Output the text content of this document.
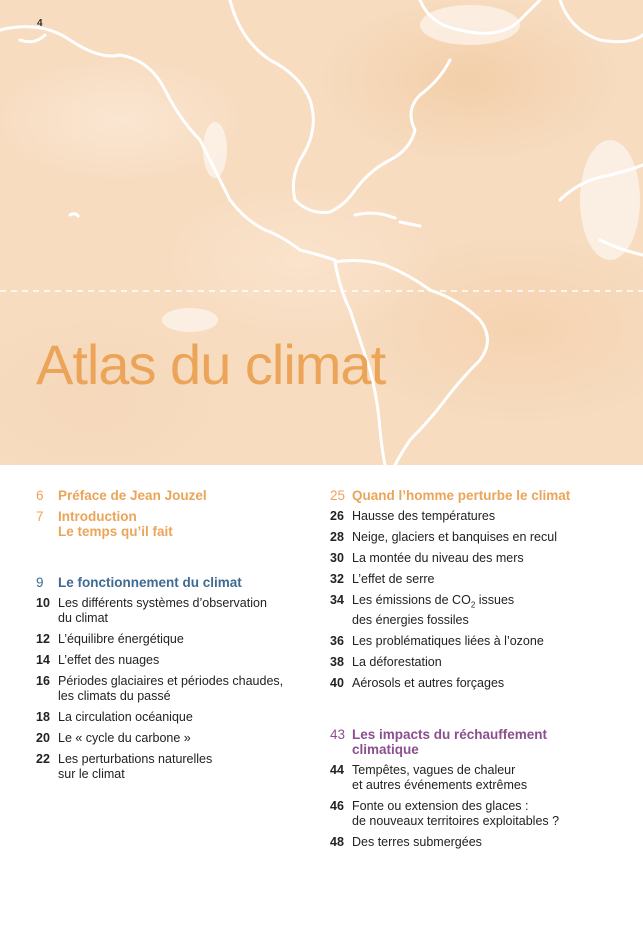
4
Atlas du climat
6	Préface de Jean Jouzel
7	Introduction
Le temps qu’il fait
9	Le fonctionnement du climat
10 Les différents systèmes d’observation
du climat
12 L’équilibre énergétique
14 L’effet des nuages
16 Périodes glaciaires et périodes chaudes,
les climats du passé
18 La circulation océanique
20 Le « cycle du carbone »
22 Les perturbations naturelles
sur le climat
25 Quand l’homme perturbe le climat
26 Hausse des températures
28 Neige, glaciers et banquises en recul
30 La montée du niveau des mers
32 L’effet de serre
34 Les émissions de $CO_2$ issues
des énergies fossiles
36 Les problématiques liées à l’ozone
38 La déforestation
40 Aérosols et autres forçages
43 Les impacts du réchauffement
climatique
44 Tempêtes, vagues de chaleur
et autres événements extrêmes
46 Fonte ou extension des glaces :
de nouveaux territoires exploitables ?
48 Des terres submergées
